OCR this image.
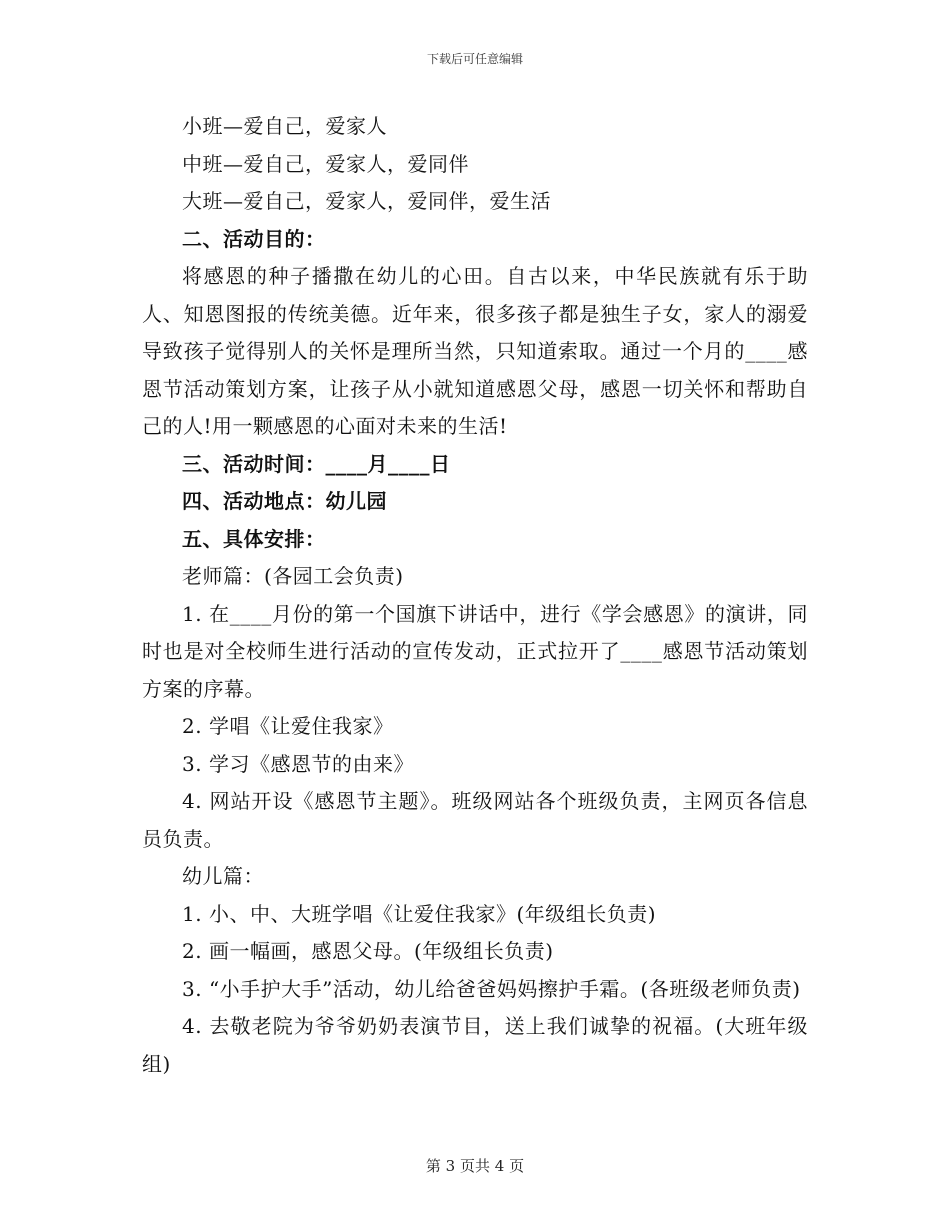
下载后可任意编辑

小班—爱自己，爱家人

中班—爱自己，爱家人，爱同伴

大班—爱自己，爱家人，爱同伴，爱生活

二、活动目的：

将感恩的种子播撒在幼儿的心田。自古以来，中华民族就有乐于助人、知恩图报的传统美德。近年来，很多孩子都是独生子女，家人的溺爱导致孩子觉得别人的关怀是理所当然，只知道索取。通过一个月的____感恩节活动策划方案，让孩子从小就知道感恩父母，感恩一切关怀和帮助自己的人!用一颗感恩的心面对未来的生活!

三、活动时间：____月____日

四、活动地点：幼儿园

五、具体安排：

老师篇：(各园工会负责)

1. 在____月份的第一个国旗下讲话中，进行《学会感恩》的演讲，同时也是对全校师生进行活动的宣传发动，正式拉开了____感恩节活动策划方案的序幕。

2. 学唱《让爱住我家》

3. 学习《感恩节的由来》

4. 网站开设《感恩节主题》。班级网站各个班级负责，主网页各信息员负责。

幼儿篇：

1. 小、中、大班学唱《让爱住我家》(年级组长负责)

2. 画一幅画，感恩父母。(年级组长负责)

3. “小手护大手”活动，幼儿给爸爸妈妈擦护手霜。(各班级老师负责)

4. 去敬老院为爷爷奶奶表演节目，送上我们诚挚的祝福。(大班年级组)

第 3 页共 4 页
